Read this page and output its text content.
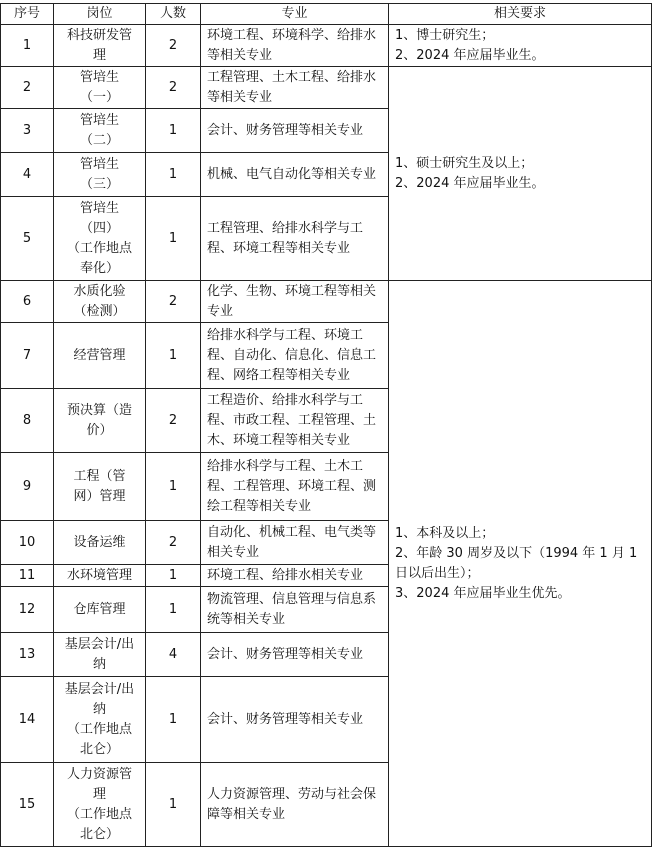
序号	岗位	人数	专业	相关要求
1	科技研发管
理	2	环境工程、环境科学、给排水等相关专业	1、博士研究生；
2、2024 年应届毕业生。

2	管培生
（一）	2	工程管理、土木工程、给排水等相关专业	1、硕士研究生及以上；
2、2024 年应届毕业生。

3	管培生
（二）	1	会计、财务管理等相关专业	
4	管培生
（三）	1	机械、电气自动化等相关专业	
5	管培生
（四）
（工作地点
奉化）	1	工程管理、给排水科学与工程、环境工程等相关专业	
6	水质化验
（检测）	2	化学、生物、环境工程等相关专业	1、本科及以上；
2、年龄 30 周岁及以下（1994 年 1 月 1 日以后出生）；
3、2024 年应届毕业生优先。

7	经营管理	1	给排水科学与工程、环境工程、自动化、信息化、信息工程、网络工程等相关专业	
8	预决算（造
价）	2	工程造价、给排水科学与工程、市政工程、工程管理、土木、环境工程等相关专业	
9	工程（管
网）管理	1	给排水科学与工程、土木工程、工程管理、环境工程、测绘工程等相关专业	
10	设备运维	2	自动化、机械工程、电气类等相关专业	
11	水环境管理	1	环境工程、给排水相关专业	
12	仓库管理	1	物流管理、信息管理与信息系统等相关专业	
13	基层会计/出
纳	4	会计、财务管理等相关专业	
14	基层会计/出
纳
（工作地点
北仑）	1	会计、财务管理等相关专业	
15	人力资源管
理
（工作地点
北仑）	1	人力资源管理、劳动与社会保障等相关专业	
